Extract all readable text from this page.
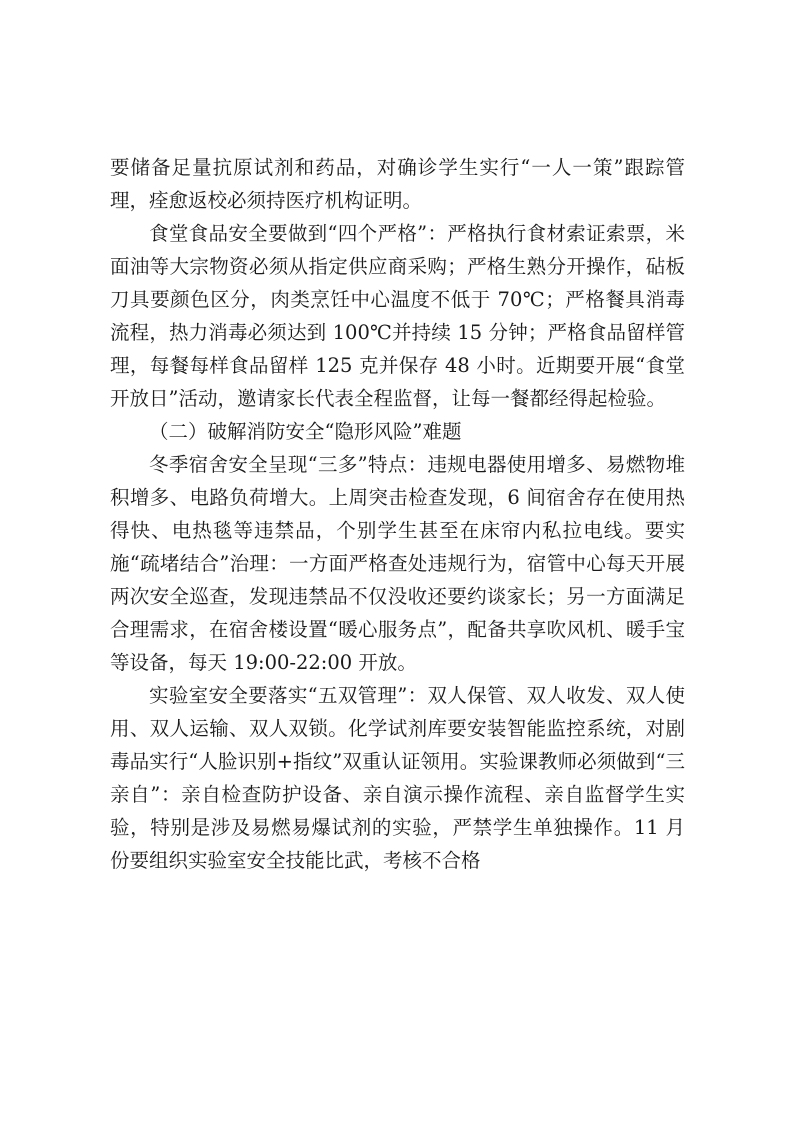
要储备足量抗原试剂和药品，对确诊学生实行“一人一策”跟踪管理，痊愈返校必须持医疗机构证明。

食堂食品安全要做到“四个严格”：严格执行食材索证索票，米面油等大宗物资必须从指定供应商采购；严格生熟分开操作，砧板刀具要颜色区分，肉类烹饪中心温度不低于 70℃；严格餐具消毒流程，热力消毒必须达到 100℃并持续 15 分钟；严格食品留样管理，每餐每样食品留样 125 克并保存 48 小时。近期要开展“食堂开放日”活动，邀请家长代表全程监督，让每一餐都经得起检验。

（二）破解消防安全“隐形风险”难题

冬季宿舍安全呈现“三多”特点：违规电器使用增多、易燃物堆积增多、电路负荷增大。上周突击检查发现，6 间宿舍存在使用热得快、电热毯等违禁品，个别学生甚至在床帘内私拉电线。要实施“疏堵结合”治理：一方面严格查处违规行为，宿管中心每天开展两次安全巡查，发现违禁品不仅没收还要约谈家长；另一方面满足合理需求，在宿舍楼设置“暖心服务点”，配备共享吹风机、暖手宝等设备，每天 19:00-22:00 开放。

实验室安全要落实“五双管理”：双人保管、双人收发、双人使用、双人运输、双人双锁。化学试剂库要安装智能监控系统，对剧毒品实行“人脸识别+指纹”双重认证领用。实验课教师必须做到“三亲自”：亲自检查防护设备、亲自演示操作流程、亲自监督学生实验，特别是涉及易燃易爆试剂的实验，严禁学生单独操作。11 月份要组织实验室安全技能比武，考核不合格
